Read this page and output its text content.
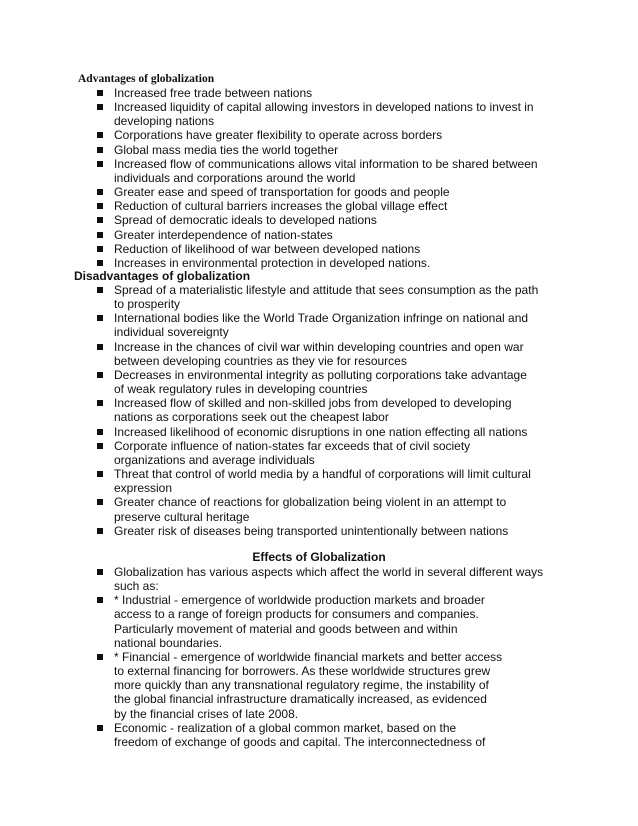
Advantages of globalization
Increased free trade between nations
Increased liquidity of capital allowing investors in developed nations to invest in
developing nations
Corporations have greater flexibility to operate across borders
Global mass media ties the world together
Increased flow of communications allows vital information to be shared between
individuals and corporations around the world
Greater ease and speed of transportation for goods and people
Reduction of cultural barriers increases the global village effect
Spread of democratic ideals to developed nations
Greater interdependence of nation-states
Reduction of likelihood of war between developed nations
Increases in environmental protection in developed nations.
Disadvantages of globalization
Spread of a materialistic lifestyle and attitude that sees consumption as the path
to prosperity
International bodies like the World Trade Organization infringe on national and
individual sovereignty
Increase in the chances of civil war within developing countries and open war
between developing countries as they vie for resources
Decreases in environmental integrity as polluting corporations take advantage
of weak regulatory rules in developing countries
Increased flow of skilled and non-skilled jobs from developed to developing
nations as corporations seek out the cheapest labor
Increased likelihood of economic disruptions in one nation effecting all nations
Corporate influence of nation-states far exceeds that of civil society
organizations and average individuals
Threat that control of world media by a handful of corporations will limit cultural
expression
Greater chance of reactions for globalization being violent in an attempt to
preserve cultural heritage
Greater risk of diseases being transported unintentionally between nations
Effects of Globalization
Globalization has various aspects which affect the world in several different ways
such as:
* Industrial - emergence of worldwide production markets and broader
access to a range of foreign products for consumers and companies.
Particularly movement of material and goods between and within
national boundaries.
* Financial - emergence of worldwide financial markets and better access
to external financing for borrowers. As these worldwide structures grew
more quickly than any transnational regulatory regime, the instability of
the global financial infrastructure dramatically increased, as evidenced
by the financial crises of late 2008.
Economic - realization of a global common market, based on the
freedom of exchange of goods and capital. The interconnectedness of
